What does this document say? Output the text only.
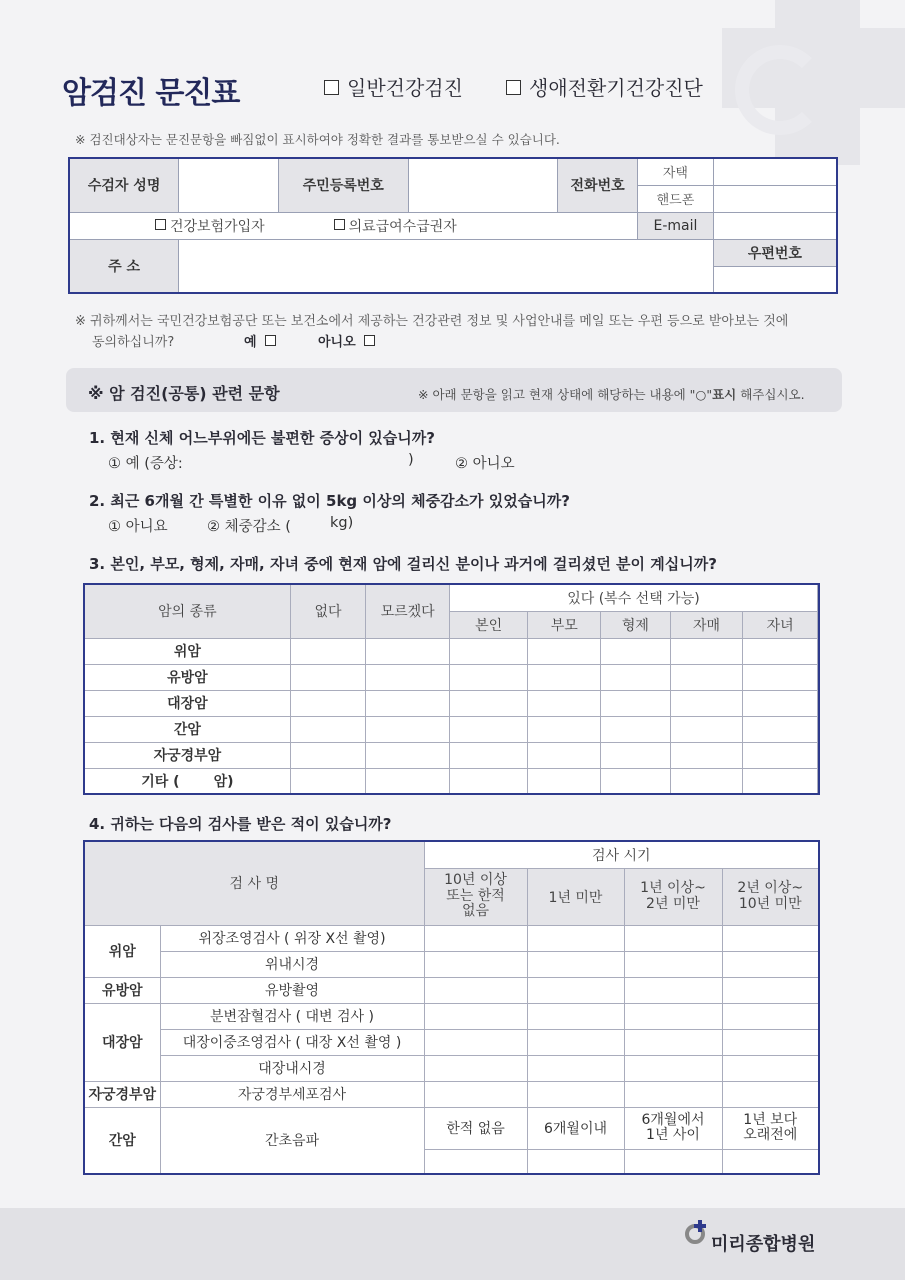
암검진 문진표	일반건강검진	생애전환기건강진단
※ 검진대상자는 문진문항을 빠짐없이 표시하여야 정확한 결과를 통보받으실 수 있습니다.
수검자 성명		주민등록번호		전화번호	자택	
					핸드폰	
건강보험가입자 의료급여수급권자					E-mail	
주 소						우편번호

※ 귀하께서는 국민건강보험공단 또는 보건소에서 제공하는 건강관련 정보 및 사업안내를 메일 또는 우편 등으로 받아보는 것에
동의하십니까?	예	아니오
※ 암 검진(공통) 관련 문항	※ 아래 문항을 읽고 현재 상태에 해당하는 내용에 "○"표시 해주십시오.
1. 현재 신체 어느부위에든 불편한 증상이 있습니까?
① 예 (증상:	)	② 아니오
2. 최근 6개월 간 특별한 이유 없이 5kg 이상의 체중감소가 있었습니까?
① 아니요	② 체중감소 (	kg)
3. 본인, 부모, 형제, 자매, 자녀 중에 현재 암에 걸리신 분이나 과거에 걸리셨던 분이 계십니까?
암의 종류	없다	모르겠다	있다 (복수 선택 가능)					
			본인	부모	형제	자매	자녀	
위암								
유방암								
대장암								
간암								
자궁경부암								
기타 (       암)								
4. 귀하는 다음의 검사를 받은 적이 있습니까?
검 사 명		검사 시기			
		10년 이상 또는 한적 없음	1년 미만	1년 이상~ 2년 미만	2년 이상~ 10년 미만
위암	위장조영검사 ( 위장 X선 촬영)				
	위내시경				
유방암	유방촬영				
대장암	분변잠혈검사 ( 대변 검사 )				
	대장이중조영검사 ( 대장 X선 촬영 )				
	대장내시경				
자궁경부암	자궁경부세포검사				
간암	간초음파	한적 없음	6개월이내	6개월에서 1년 사이	1년 보다 오래전에

미리종합병원
